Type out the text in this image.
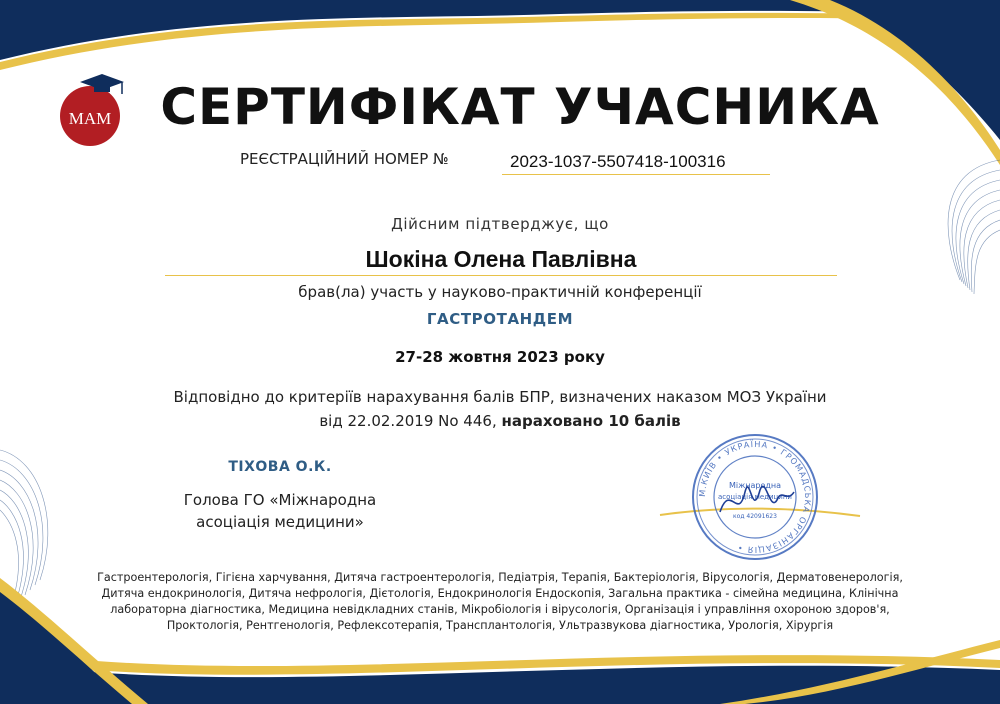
MAM СЕРТИФІКАТ УЧАСНИКА
РЕЄСТРАЦІЙНИЙ НОМЕР №	2023-1037-5507418-100316
Дійсним підтверджує, що
Шокіна Олена Павлівна
брав(ла) участь у науково-практичній конференції
ГАСТРОТАНДЕМ
27-28 жовтня 2023 року
Відповідно до критеріїв нарахування балів БПР, визначених наказом МОЗ України
від 22.02.2019 No 446, нараховано 10 балів
ТІХОВА О.К.
Голова ГО «Міжнародна
асоціація медицини»
М.КИЇВ • УКРАЇНА • ГРОМАДСЬКА ОРГАНІЗАЦІЯ •
Міжнародна
асоціація медицини
код 42091623
Гастроентерологія, Гігієна харчування, Дитяча гастроентерологія, Педіатрія, Терапія, Бактеріологія, Вірусологія, Дерматовенерологія,
Дитяча ендокринологія, Дитяча нефрологія, Дієтологія, Ендокринологія Ендоскопія, Загальна практика - сімейна медицина, Клінічна
лабораторна діагностика, Медицина невідкладних станів, Мікробіологія і вірусологія, Організація і управління охороною здоров'я,
Проктологія, Рентгенологія, Рефлексотерапія, Трансплантологія, Ультразвукова діагностика, Урологія, Хірургія
